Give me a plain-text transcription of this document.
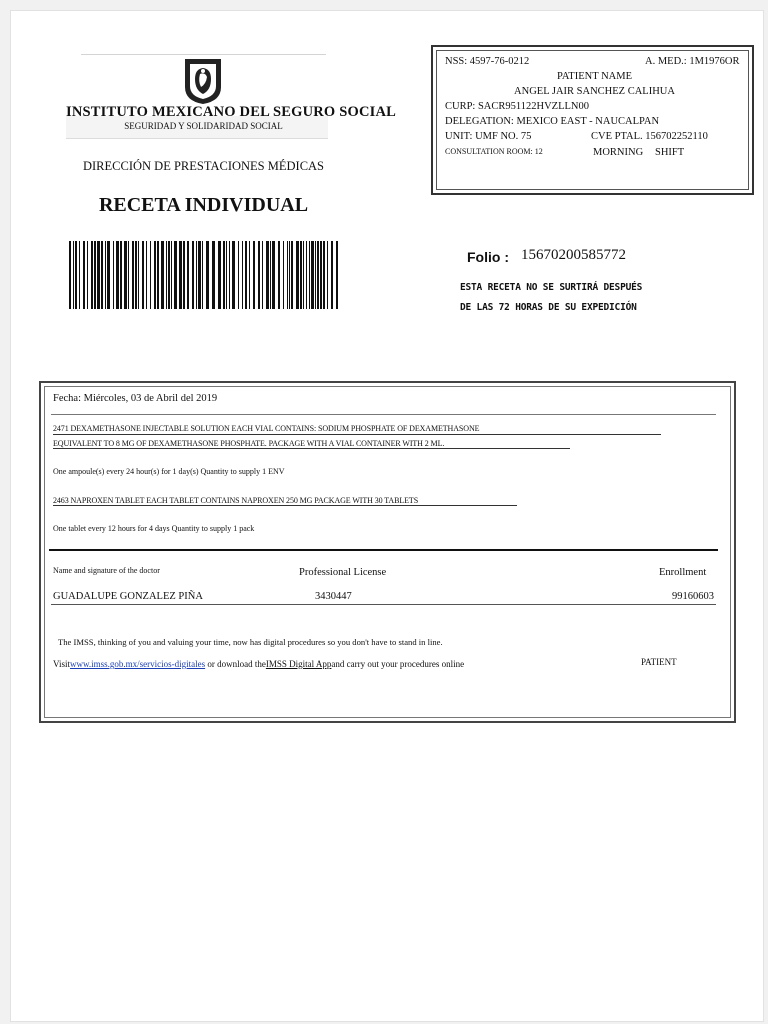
INSTITUTO MEXICANO DEL SEGURO SOCIAL
SEGURIDAD Y SOLIDARIDAD SOCIAL
DIRECCIÓN DE PRESTACIONES MÉDICAS
RECETA INDIVIDUAL
NSS: 4597-76-0212	A. MED.: 1M1976OR
PATIENT NAME
ANGEL JAIR SANCHEZ CALIHUA
CURP: SACR951122HVZLLN00
DELEGATION: MEXICO EAST - NAUCALPAN
UNIT: UMF NO. 75	CVE PTAL. 156702252110
CONSULTATION ROOM: 12	MORNING SHIFT
Folio : 15670200585772
ESTA RECETA NO SE SURTIRÁ DESPUÉS
DE LAS 72 HORAS DE SU EXPEDICIÓN
Fecha: Miércoles, 03 de Abril del 2019
2471 DEXAMETHASONE INJECTABLE SOLUTION EACH VIAL CONTAINS: SODIUM PHOSPHATE OF DEXAMETHASONE
EQUIVALENT TO 8 MG OF DEXAMETHASONE PHOSPHATE. PACKAGE WITH A VIAL CONTAINER WITH 2 ML.
One ampoule(s) every 24 hour(s) for 1 day(s) Quantity to supply 1 ENV
2463 NAPROXEN TABLET EACH TABLET CONTAINS NAPROXEN 250 MG PACKAGE WITH 30 TABLETS
One tablet every 12 hours for 4 days Quantity to supply 1 pack
Name and signature of the doctor	Professional License	Enrollment
GUADALUPE GONZALEZ PIÑA	3430447	99160603
The IMSS, thinking of you and valuing your time, now has digital procedures so you don't have to stand in line.
Visitwww.imss.gob.mx/servicios-digitales or download theIMSS Digital Appand carry out your procedures online	PATIENT
